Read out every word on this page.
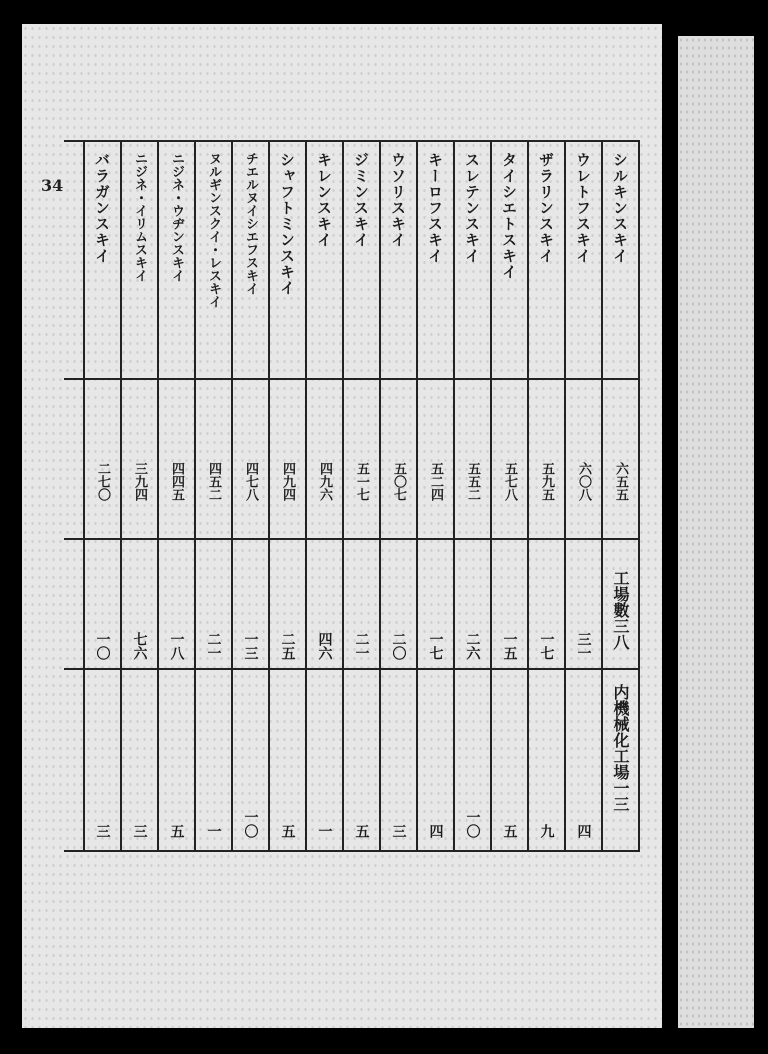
34	シルキンスキイ
六五五
工場數三八
内機械化工場一三
ウレトフスキイ
六〇八
三一
四
ザラリンスキイ
五九五
一七
九
タイシエトスキイ
五七八
一五
五
スレテンスキイ
五五二
二六
一〇
キーロフスキイ
五二四
一七
四
ウソリスキイ
五〇七
二〇
三
ジミンスキイ
五一七
二一
五
キレンスキイ
四九六
四六
一
シャフトミンスキイ
四九四
二五
五
チエルヌイシエフスキイ
四七八
一三
一〇
ヌルギンスクイ・レスキイ
四五二
二一
一
ニジネ・ウヂンスキイ
四四五
一八
五
ニジネ・イリムスキイ
三九四
七六
三
バラガンスキイ
二七〇
一〇
三
